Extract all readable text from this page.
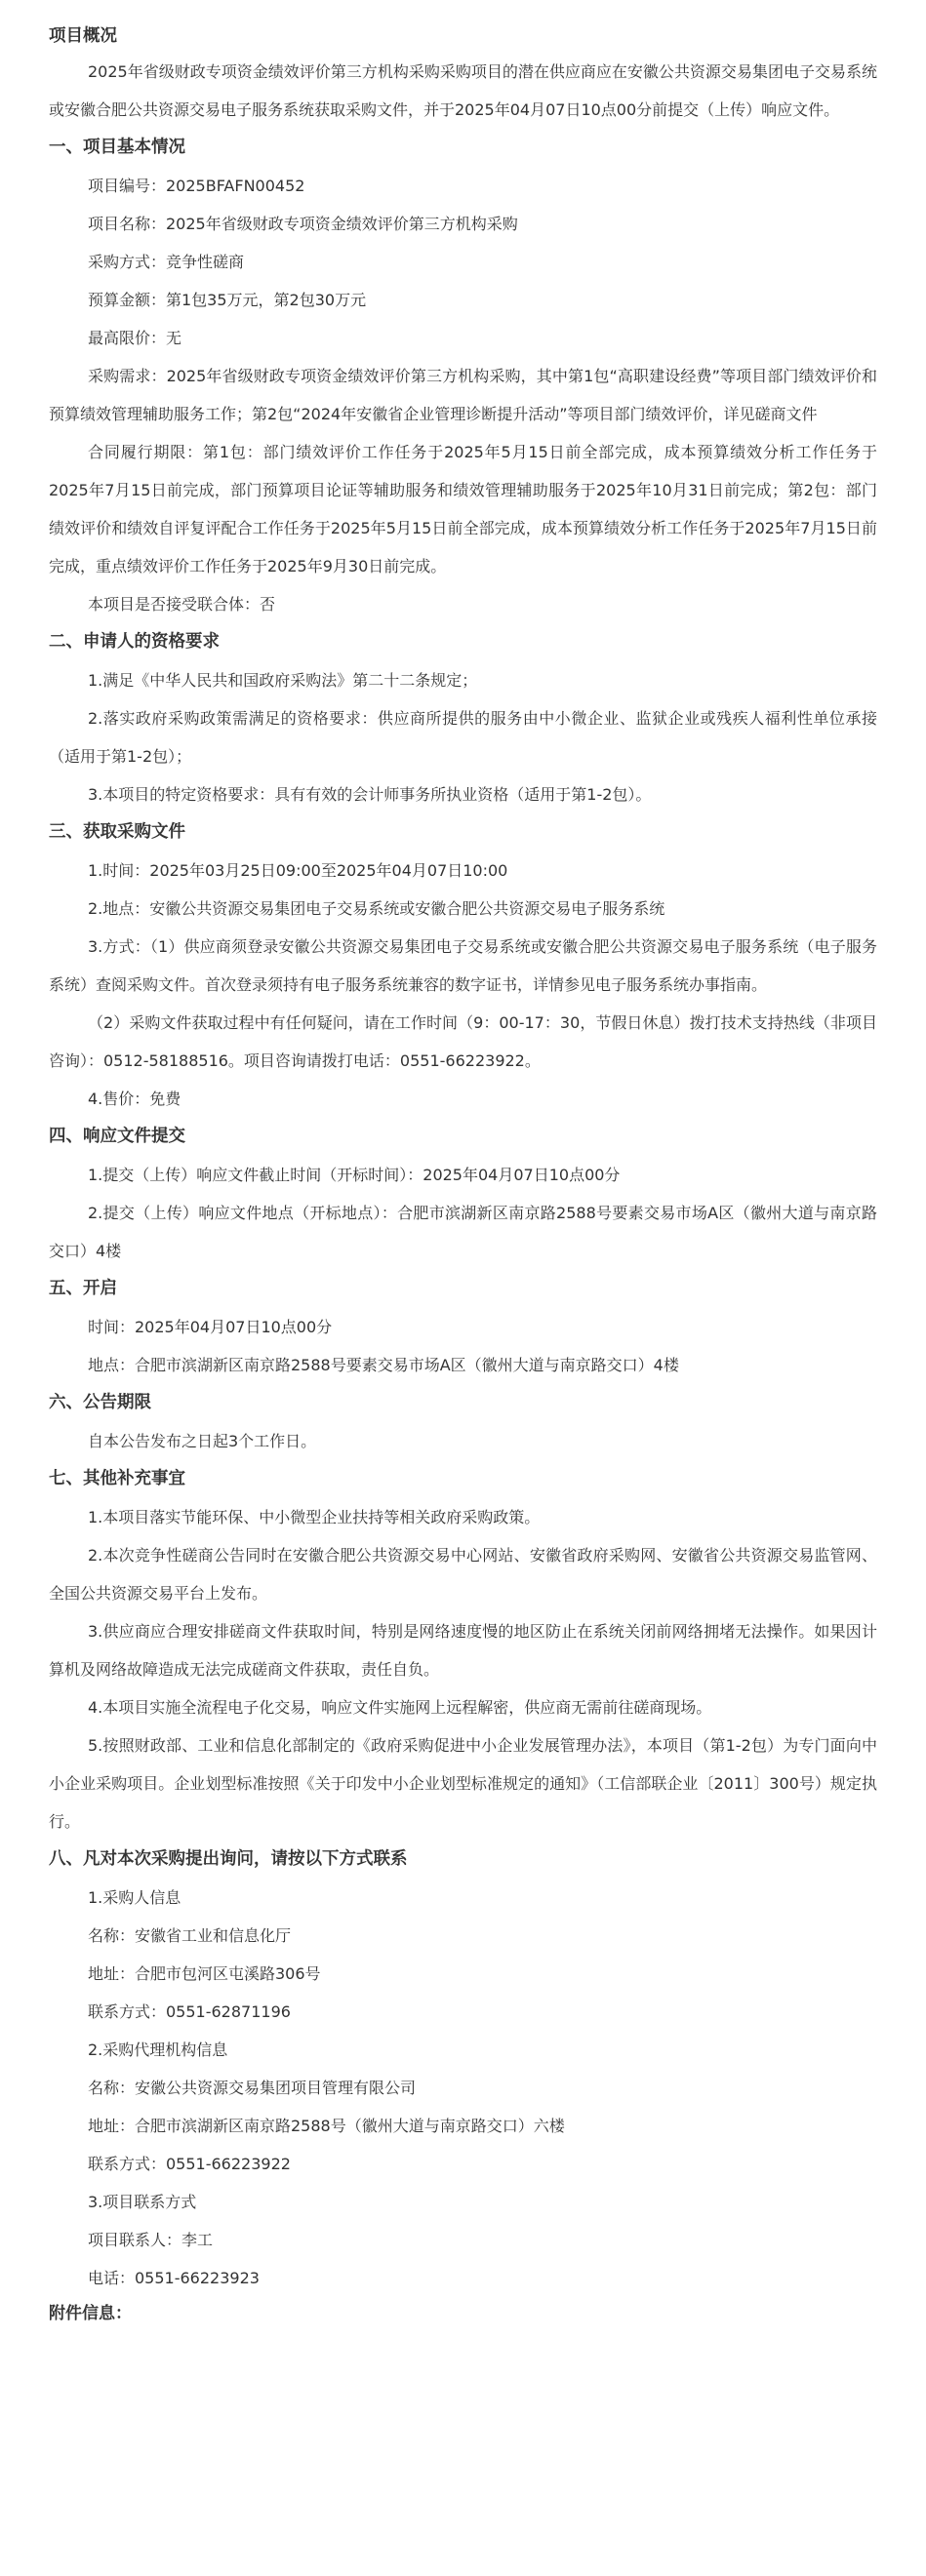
项目概况
2025年省级财政专项资金绩效评价第三方机构采购采购项目的潜在供应商应在安徽公共资源交易集团电子交易系统或安徽合肥公共资源交易电子服务系统获取采购文件，并于2025年04月07日10点00分前提交（上传）响应文件。
一、项目基本情况
项目编号：2025BFAFN00452
项目名称：2025年省级财政专项资金绩效评价第三方机构采购
采购方式：竞争性磋商
预算金额：第1包35万元，第2包30万元
最高限价：无
采购需求：2025年省级财政专项资金绩效评价第三方机构采购，其中第1包“高职建设经费”等项目部门绩效评价和预算绩效管理辅助服务工作；第2包“2024年安徽省企业管理诊断提升活动”等项目部门绩效评价，详见磋商文件
合同履行期限：第1包：部门绩效评价工作任务于2025年5月15日前全部完成，成本预算绩效分析工作任务于2025年7月15日前完成，部门预算项目论证等辅助服务和绩效管理辅助服务于2025年10月31日前完成；第2包：部门绩效评价和绩效自评复评配合工作任务于2025年5月15日前全部完成，成本预算绩效分析工作任务于2025年7月15日前完成，重点绩效评价工作任务于2025年9月30日前完成。
本项目是否接受联合体：否
二、申请人的资格要求
1.满足《中华人民共和国政府采购法》第二十二条规定；
2.落实政府采购政策需满足的资格要求：供应商所提供的服务由中小微企业、监狱企业或残疾人福利性单位承接（适用于第1-2包）；
3.本项目的特定资格要求：具有有效的会计师事务所执业资格（适用于第1-2包）。
三、获取采购文件
1.时间：2025年03月25日09:00至2025年04月07日10:00
2.地点：安徽公共资源交易集团电子交易系统或安徽合肥公共资源交易电子服务系统
3.方式：（1）供应商须登录安徽公共资源交易集团电子交易系统或安徽合肥公共资源交易电子服务系统（电子服务系统）查阅采购文件。首次登录须持有电子服务系统兼容的数字证书，详情参见电子服务系统办事指南。
（2）采购文件获取过程中有任何疑问，请在工作时间（9：00-17：30，节假日休息）拨打技术支持热线（非项目咨询）：0512-58188516。项目咨询请拨打电话：0551-66223922。
4.售价：免费
四、响应文件提交
1.提交（上传）响应文件截止时间（开标时间）：2025年04月07日10点00分
2.提交（上传）响应文件地点（开标地点）：合肥市滨湖新区南京路2588号要素交易市场A区（徽州大道与南京路交口）4楼
五、开启
时间：2025年04月07日10点00分
地点：合肥市滨湖新区南京路2588号要素交易市场A区（徽州大道与南京路交口）4楼
六、公告期限
自本公告发布之日起3个工作日。
七、其他补充事宜
1.本项目落实节能环保、中小微型企业扶持等相关政府采购政策。
2.本次竞争性磋商公告同时在安徽合肥公共资源交易中心网站、安徽省政府采购网、安徽省公共资源交易监管网、全国公共资源交易平台上发布。
3.供应商应合理安排磋商文件获取时间，特别是网络速度慢的地区防止在系统关闭前网络拥堵无法操作。如果因计算机及网络故障造成无法完成磋商文件获取，责任自负。
4.本项目实施全流程电子化交易，响应文件实施网上远程解密，供应商无需前往磋商现场。
5.按照财政部、工业和信息化部制定的《政府采购促进中小企业发展管理办法》，本项目（第1-2包）为专门面向中小企业采购项目。企业划型标准按照《关于印发中小企业划型标准规定的通知》（工信部联企业〔2011〕300号）规定执行。
八、凡对本次采购提出询问，请按以下方式联系
1.采购人信息
名称：安徽省工业和信息化厅
地址：合肥市包河区屯溪路306号
联系方式：0551-62871196
2.采购代理机构信息
名称：安徽公共资源交易集团项目管理有限公司
地址：合肥市滨湖新区南京路2588号（徽州大道与南京路交口）六楼
联系方式：0551-66223922
3.项目联系方式
项目联系人：李工
电话：0551-66223923
附件信息：
